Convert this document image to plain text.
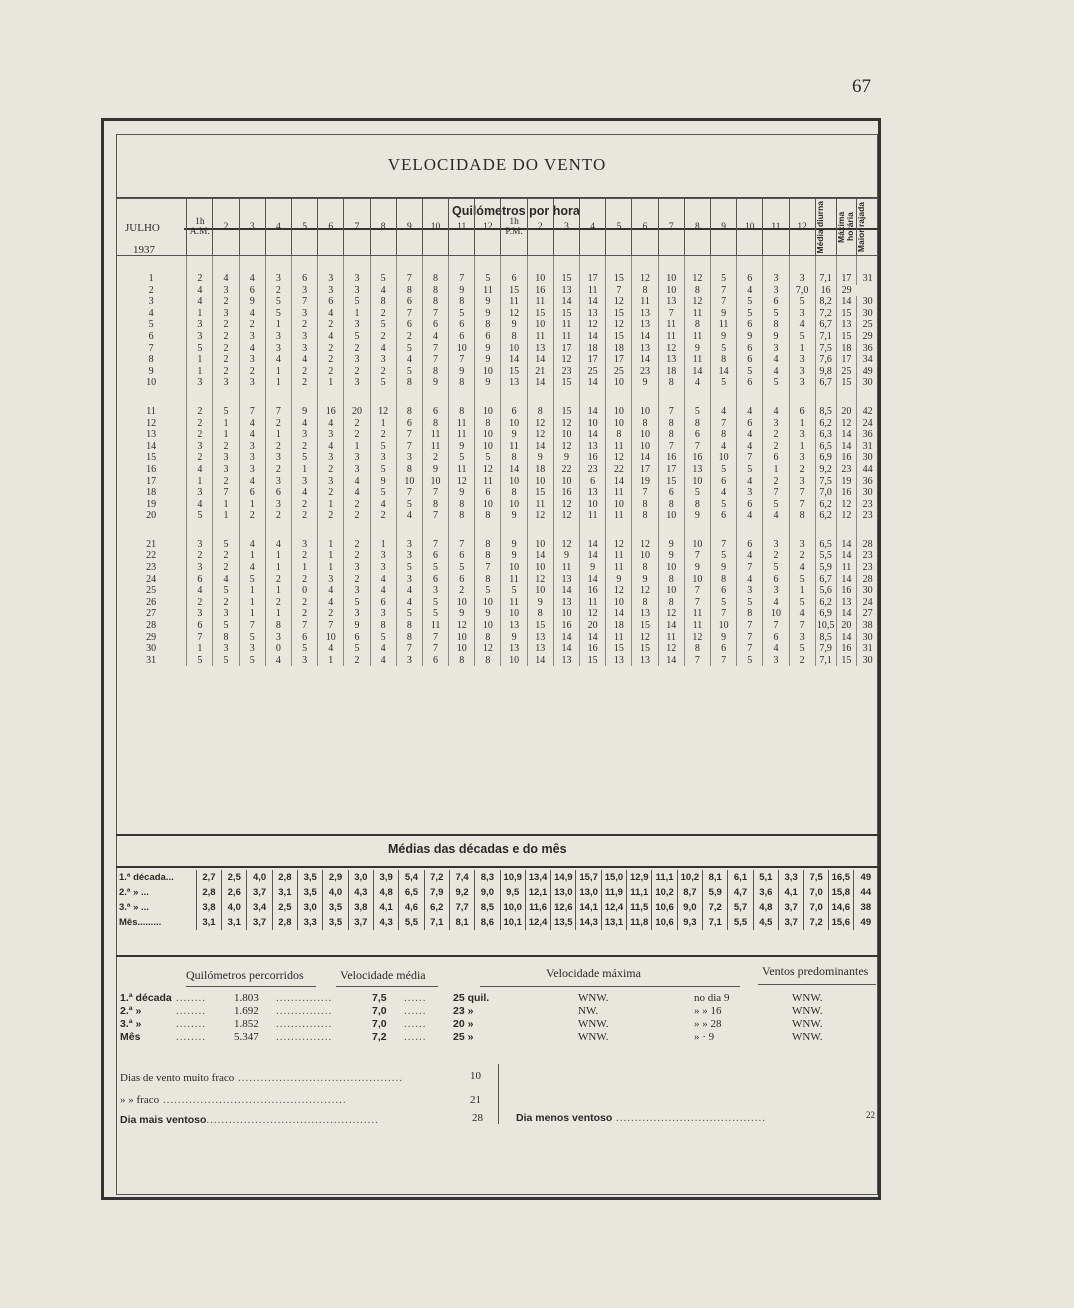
67
VELOCIDADE DO VENTO
Quilómetros por hora
JULHO
1937
	1h A.M.	2	3	4	5	6	7	8	9	10	11	12	1h P.M.	2	3	4	5	6	7	8	9	10	11	12	Média diurna	Máxima horária	Maior rajada

1	2	4	4	3	6	3	3	5	7	8	7	5	6	10	15	17	15	12	10	12	5	6	3	3	7,1	17	31
2	4	3	6	2	3	3	3	4	8	8	9	11	15	16	13	11	7	8	10	8	7	4	3	7,0	16	29	
3	4	2	9	5	7	6	5	8	6	8	8	9	11	11	14	14	12	11	13	12	7	5	6	5	8,2	14	30
4	1	3	4	5	3	4	1	2	7	7	5	9	12	15	15	13	15	13	7	11	9	5	5	3	7,2	15	30
5	3	2	2	1	2	2	3	5	6	6	6	8	9	10	11	12	12	13	11	8	11	6	8	4	6,7	13	25
6	3	2	3	3	3	4	5	2	2	4	6	6	8	11	11	14	15	14	11	11	9	9	9	5	7,1	15	29
7	5	2	4	3	3	2	2	4	5	7	10	9	10	13	17	18	18	13	12	9	5	6	3	1	7,5	18	36
8	1	2	3	4	4	2	3	3	4	7	7	9	14	14	12	17	17	14	13	11	8	6	4	3	7,6	17	34
9	1	2	2	1	2	2	2	2	5	8	9	10	15	21	23	25	25	23	18	14	14	5	4	3	9,8	25	49
10	3	3	3	1	2	1	3	5	8	9	8	9	13	14	15	14	10	9	8	4	5	6	5	3	6,7	15	30

11	2	5	7	7	9	16	20	12	8	6	8	10	6	8	15	14	10	10	7	5	4	4	4	6	8,5	20	42
12	2	1	4	2	4	4	2	1	6	8	11	8	10	12	12	10	10	8	8	8	7	6	3	1	6,2	12	24
13	2	1	4	1	3	3	2	2	7	11	11	10	9	12	10	14	8	10	8	6	8	4	2	3	6,3	14	36
14	3	2	3	2	2	4	1	5	7	11	9	10	11	14	12	13	11	10	7	7	4	4	2	1	6,5	14	31
15	2	3	3	3	5	3	3	3	3	2	5	5	8	9	9	16	12	14	16	16	10	7	6	3	6,9	16	30
16	4	3	3	2	1	2	3	5	8	9	11	12	14	18	22	23	22	17	17	13	5	5	1	2	9,2	23	44
17	1	2	4	3	3	3	4	9	10	10	12	11	10	10	10	6	14	19	15	10	6	4	2	3	7,5	19	36
18	3	7	6	6	4	2	4	5	7	7	9	6	8	15	16	13	11	7	6	5	4	3	7	7	7,0	16	30
19	4	1	1	3	2	1	2	4	5	8	8	10	10	11	12	10	10	8	8	8	5	6	5	7	6,2	12	23
20	5	1	2	2	2	2	2	2	4	7	8	8	9	12	12	11	11	8	10	9	6	4	4	8	6,2	12	23

21	3	5	4	4	3	1	2	1	3	7	7	8	9	10	12	14	12	12	9	10	7	6	3	3	6,5	14	28
22	2	2	1	1	2	1	2	3	3	6	6	8	9	14	9	14	11	10	9	7	5	4	2	2	5,5	14	23
23	3	2	4	1	1	1	3	3	5	5	5	7	10	10	11	9	11	8	10	9	9	7	5	4	5,9	11	23
24	6	4	5	2	2	3	2	4	3	6	6	8	11	12	13	14	9	9	8	10	8	4	6	5	6,7	14	28
25	4	5	1	1	0	4	3	4	4	3	2	5	5	10	14	16	12	12	10	7	6	3	3	1	5,6	16	30
26	2	2	1	2	2	4	5	6	4	5	10	10	11	9	13	11	10	8	8	7	5	5	4	5	6,2	13	24
27	3	3	1	1	2	2	3	3	5	5	9	9	10	8	10	12	14	13	12	11	7	8	10	4	6,9	14	27
28	6	5	7	8	7	7	9	8	8	11	12	10	13	15	16	20	18	15	14	11	10	7	7	7	10,5	20	38
29	7	8	5	3	6	10	6	5	8	7	10	8	9	13	14	14	11	12	11	12	9	7	6	3	8,5	14	30
30	1	3	3	0	5	4	5	4	7	7	10	12	13	13	14	16	15	15	12	8	6	7	4	5	7,9	16	31
31	5	5	5	4	3	1	2	4	3	6	8	8	10	14	13	15	13	13	14	7	7	5	3	2	7,1	15	30
Médias das décadas e do mês
1.ª década...	2,7	2,5	4,0	2,8	3,5	2,9	3,0	3,9	5,4	7,2	7,4	8,3	10,9	13,4	14,9	15,7	15,0	12,9	11,1	10,2	8,1	6,1	5,1	3,3	7,5	16,5	49
2.ª » ...	2,8	2,6	3,7	3,1	3,5	4,0	4,3	4,8	6,5	7,9	9,2	9,0	9,5	12,1	13,0	13,0	11,9	11,1	10,2	8,7	5,9	4,7	3,6	4,1	7,0	15,8	44
3.ª » ...	3,8	4,0	3,4	2,5	3,0	3,5	3,8	4,1	4,6	6,2	7,7	8,5	10,0	11,6	12,6	14,1	12,4	11,5	10,6	9,0	7,2	5,7	4,8	3,7	7,0	14,6	38
Mês.........	3,1	3,1	3,7	2,8	3,3	3,5	3,7	4,3	5,5	7,1	8,1	8,6	10,1	12,4	13,5	14,3	13,1	11,8	10,6	9,3	7,1	5,5	4,5	3,7	7,2	15,6	49
Quilómetros percorridos	Velocidade média	Velocidade máxima	Ventos predominantes
1.ª década ........	1.803 ...............	7,5 ......	25 quil.	WNW.	no dia 9	WNW.
2.ª »	........	1.692 ...............	7,0 ......	23 »	NW.	» » 16	WNW.
3.ª »	........	1.852 ...............	7,0 ......	20 »	WNW.	» » 28	WNW.
Mês	........	5.347 ...............	7,2 ......	25 »	WNW.	» · 9	WNW.
Dias de vento muito fraco ............................................	10
» » fraco .................................................	21
Dia mais ventoso..............................................	28	Dia menos ventoso ........................................	22
